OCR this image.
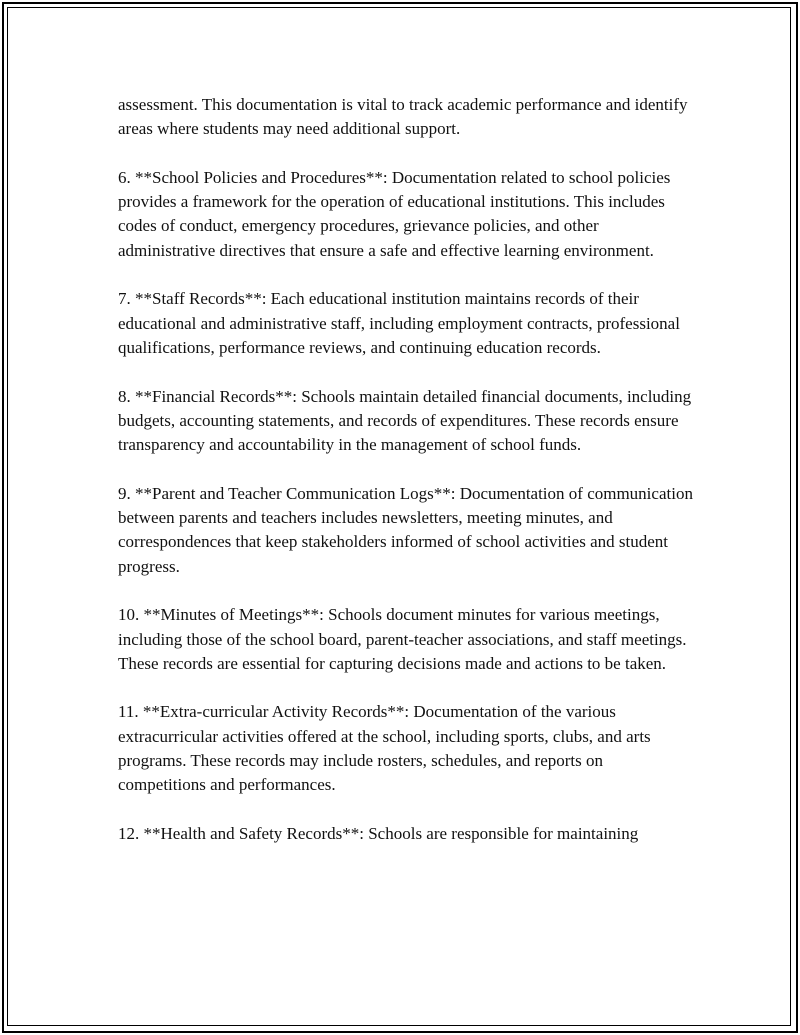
assessment. This documentation is vital to track academic performance and identify areas where students may need additional support.

6. **School Policies and Procedures**: Documentation related to school policies provides a framework for the operation of educational institutions. This includes codes of conduct, emergency procedures, grievance policies, and other administrative directives that ensure a safe and effective learning environment.

7. **Staff Records**: Each educational institution maintains records of their educational and administrative staff, including employment contracts, professional qualifications, performance reviews, and continuing education records.

8. **Financial Records**: Schools maintain detailed financial documents, including budgets, accounting statements, and records of expenditures. These records ensure transparency and accountability in the management of school funds.

9. **Parent and Teacher Communication Logs**: Documentation of communication between parents and teachers includes newsletters, meeting minutes, and correspondences that keep stakeholders informed of school activities and student progress.

10. **Minutes of Meetings**: Schools document minutes for various meetings, including those of the school board, parent-teacher associations, and staff meetings. These records are essential for capturing decisions made and actions to be taken.

11. **Extra-curricular Activity Records**: Documentation of the various extracurricular activities offered at the school, including sports, clubs, and arts programs. These records may include rosters, schedules, and reports on competitions and performances.

12. **Health and Safety Records**: Schools are responsible for maintaining
